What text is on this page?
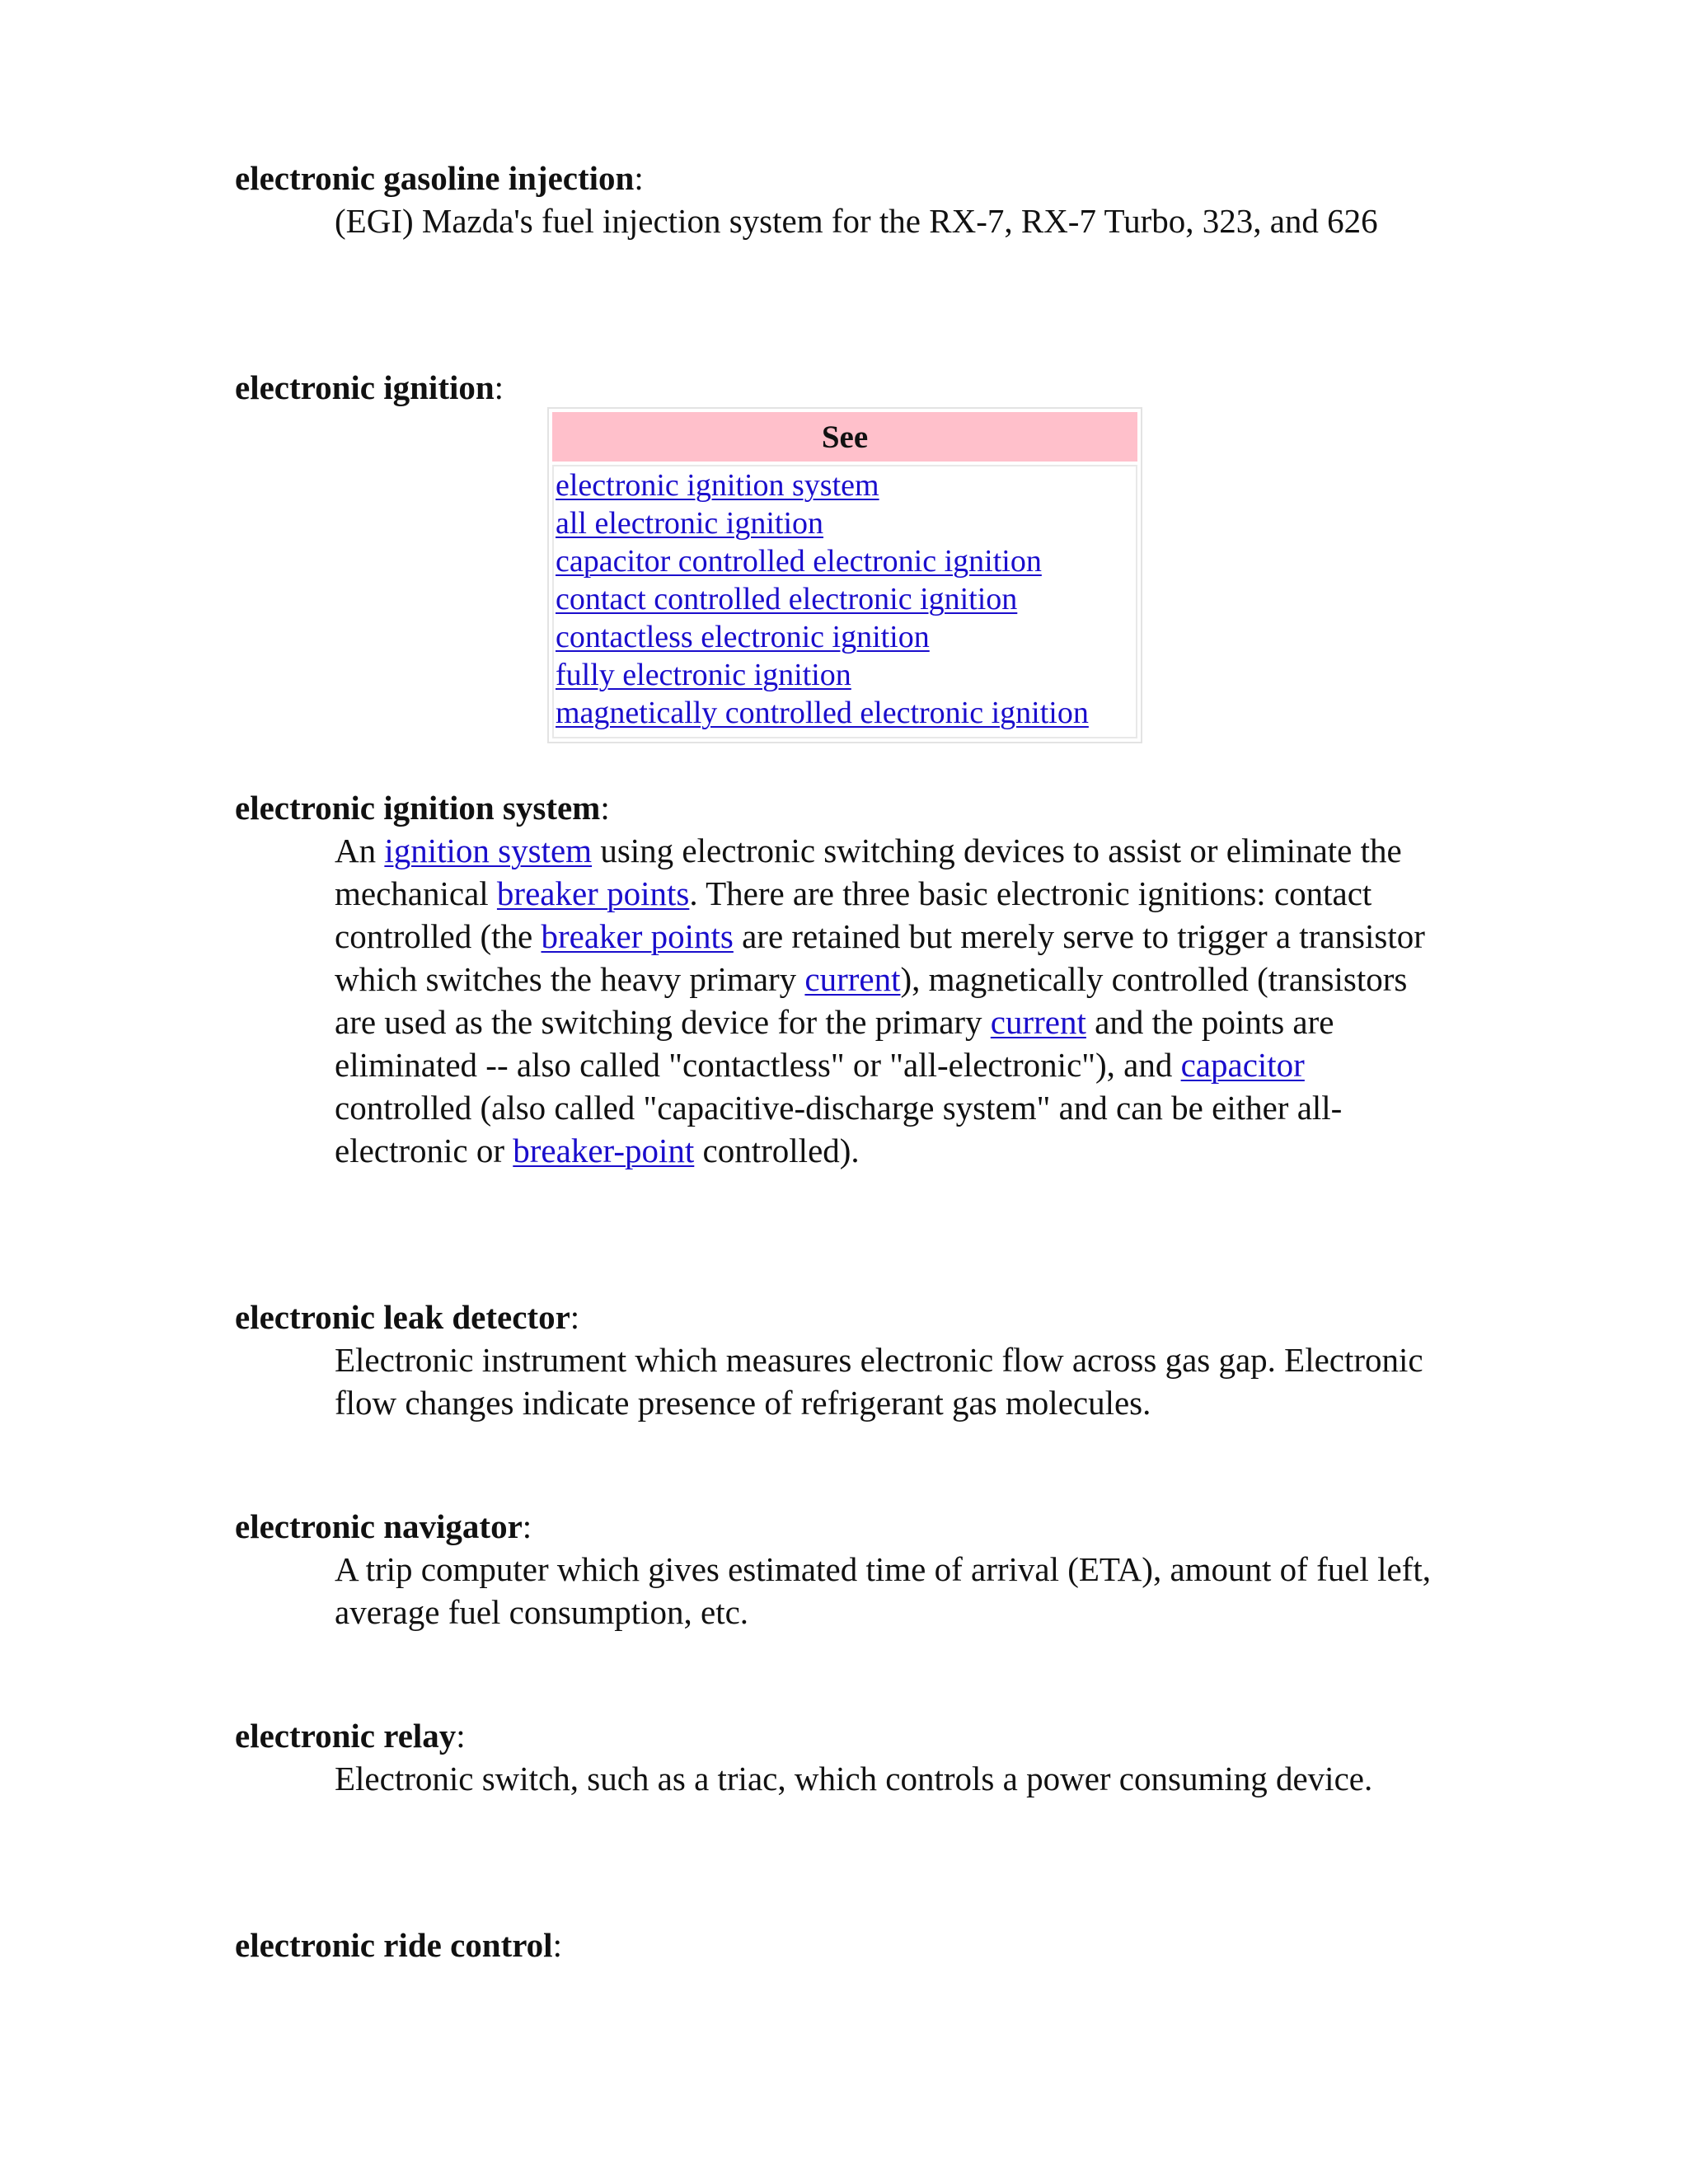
electronic gasoline injection:
(EGI) Mazda's fuel injection system for the RX-7, RX-7 Turbo, 323, and 626
electronic ignition:
See
electronic ignition system
all electronic ignition
capacitor controlled electronic ignition
contact controlled electronic ignition
contactless electronic ignition
fully electronic ignition
magnetically controlled electronic ignition
electronic ignition system:
An ignition system using electronic switching devices to assist or eliminate the mechanical breaker points. There are three basic electronic ignitions: contact controlled (the breaker points are retained but merely serve to trigger a transistor which switches the heavy primary current), magnetically controlled (transistors are used as the switching device for the primary current and the points are eliminated -- also called "contactless" or "all-electronic"), and capacitor controlled (also called "capacitive-discharge system" and can be either all-electronic or breaker-point controlled).
electronic leak detector:
Electronic instrument which measures electronic flow across gas gap. Electronic flow changes indicate presence of refrigerant gas molecules.
electronic navigator:
A trip computer which gives estimated time of arrival (ETA), amount of fuel left, average fuel consumption, etc.
electronic relay:
Electronic switch, such as a triac, which controls a power consuming device.
electronic ride control:
